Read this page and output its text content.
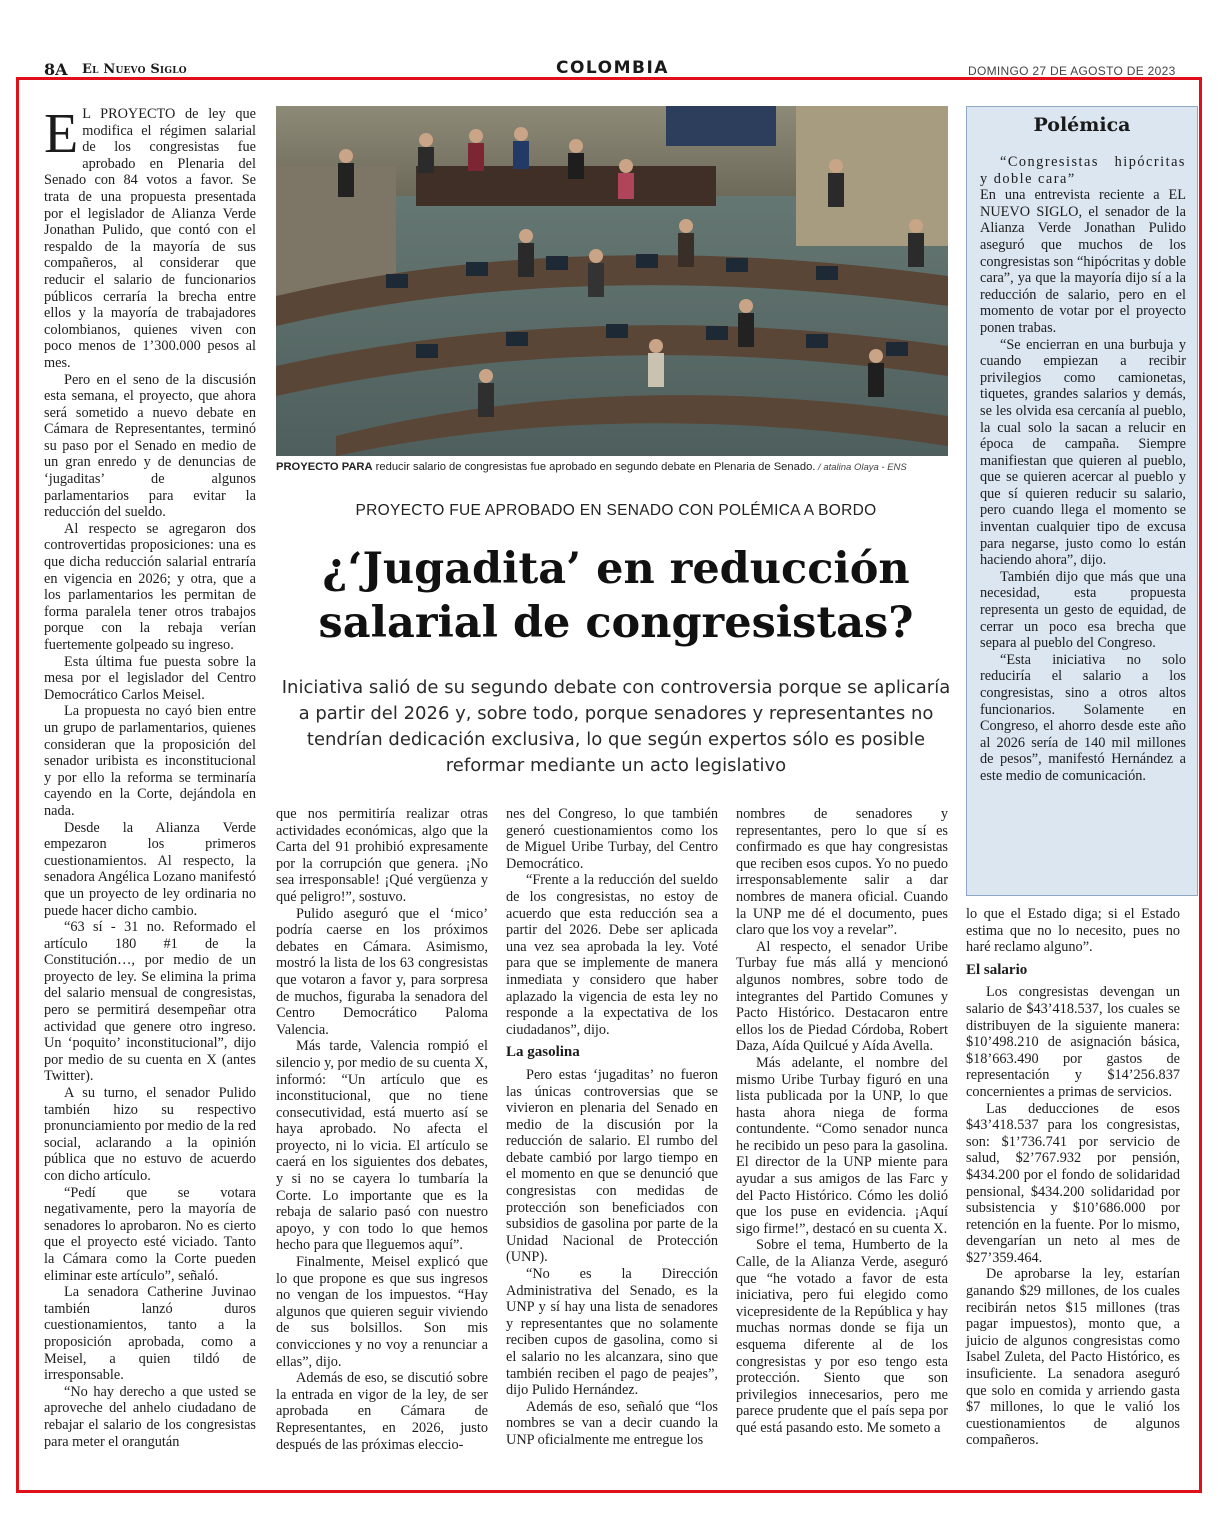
8A El Nuevo Siglo	COLOMBIA	DOMINGO 27 DE AGOSTO DE 2023

E L PROYECTO de ley que modifica el régimen salarial de los congresistas fue aprobado en Plenaria del Senado con 84 votos a favor. Se trata de una propuesta presentada por el legislador de Alianza Verde Jonathan Pulido, que contó con el respaldo de la mayoría de sus compañeros, al considerar que reducir el salario de funcionarios públicos cerraría la brecha entre ellos y la mayoría de trabajadores colombianos, quienes viven con poco menos de 1’300.000 pesos al mes.

Pero en el seno de la discusión esta semana, el proyecto, que ahora será sometido a nuevo debate en Cámara de Representantes, terminó su paso por el Senado en medio de un gran enredo y de denuncias de ‘jugaditas’ de algunos parlamentarios para evitar la reducción del sueldo.

Al respecto se agregaron dos controvertidas proposiciones: una es que dicha reducción salarial entraría en vigencia en 2026; y otra, que a los parlamentarios les permitan de forma paralela tener otros trabajos porque con la rebaja verían fuertemente golpeado su ingreso.

Esta última fue puesta sobre la mesa por el legislador del Centro Democrático Carlos Meisel.

La propuesta no cayó bien entre un grupo de parlamentarios, quienes consideran que la proposición del senador uribista es inconstitucional y por ello la reforma se terminaría cayendo en la Corte, dejándola en nada.

Desde la Alianza Verde empezaron los primeros cuestionamientos. Al respecto, la senadora Angélica Lozano manifestó que un proyecto de ley ordinaria no puede hacer dicho cambio.

“63 sí - 31 no. Reformado el artículo 180 #1 de la Constitución…, por medio de un proyecto de ley. Se elimina la prima del salario mensual de congresistas, pero se permitirá desempeñar otra actividad que genere otro ingreso. Un ‘poquito’ inconstitucional”, dijo por medio de su cuenta en X (antes Twitter).

A su turno, el senador Pulido también hizo su respectivo pronunciamiento por medio de la red social, aclarando a la opinión pública que no estuvo de acuerdo con dicho artículo.

“Pedí que se votara negativamente, pero la mayoría de senadores lo aprobaron. No es cierto que el proyecto esté viciado. Tanto la Cámara como la Corte pueden eliminar este artículo”, señaló.

La senadora Catherine Juvinao también lanzó duros cuestionamientos, tanto a la proposición aprobada, como a Meisel, a quien tildó de irresponsable.

“No hay derecho a que usted se aproveche del anhelo ciudadano de rebajar el salario de los congresistas para meter el orangután

PROYECTO PARA reducir salario de congresistas fue aprobado en segundo debate en Plenaria de Senado. / atalina Olaya - ENS
PROYECTO FUE APROBADO EN SENADO CON POLÉMICA A BORDO
¿‘Jugadita’ en reducción
salarial de congresistas?
Iniciativa salió de su segundo debate con controversia porque se aplicaría
a partir del 2026 y, sobre todo, porque senadores y representantes no
tendrían dedicación exclusiva, lo que según expertos sólo es posible
reformar mediante un acto legislativo

que nos permitiría realizar otras actividades económicas, algo que la Carta del 91 prohibió expresamente por la corrupción que genera. ¡No sea irresponsable! ¡Qué vergüenza y qué peligro!”, sostuvo.

Pulido aseguró que el ‘mico’ podría caerse en los próximos debates en Cámara. Asimismo, mostró la lista de los 63 congresistas que votaron a favor y, para sorpresa de muchos, figuraba la senadora del Centro Democrático Paloma Valencia.

Más tarde, Valencia rompió el silencio y, por medio de su cuenta X, informó: “Un artículo que es inconstitucional, que no tiene consecutividad, está muerto así se haya aprobado. No afecta el proyecto, ni lo vicia. El artículo se caerá en los siguientes dos debates, y si no se cayera lo tumbaría la Corte. Lo importante que es la rebaja de salario pasó con nuestro apoyo, y con todo lo que hemos hecho para que lleguemos aquí”.

Finalmente, Meisel explicó que lo que propone es que sus ingresos no vengan de los impuestos. “Hay algunos que quieren seguir viviendo de sus bolsillos. Son mis convicciones y no voy a renunciar a ellas”, dijo.

Además de eso, se discutió sobre la entrada en vigor de la ley, de ser aprobada en Cámara de Representantes, en 2026, justo después de las próximas eleccio-

nes del Congreso, lo que también generó cuestionamientos como los de Miguel Uribe Turbay, del Centro Democrático.

“Frente a la reducción del sueldo de los congresistas, no estoy de acuerdo que esta reducción sea a partir del 2026. Debe ser aplicada una vez sea aprobada la ley. Voté para que se implemente de manera inmediata y considero que haber aplazado la vigencia de esta ley no responde a la expectativa de los ciudadanos”, dijo.

La gasolina

Pero estas ‘jugaditas’ no fueron las únicas controversias que se vivieron en plenaria del Senado en medio de la discusión por la reducción de salario. El rumbo del debate cambió por largo tiempo en el momento en que se denunció que congresistas con medidas de protección son beneficiados con subsidios de gasolina por parte de la Unidad Nacional de Protección (UNP).

“No es la Dirección Administrativa del Senado, es la UNP y sí hay una lista de senadores y representantes que no solamente reciben cupos de gasolina, como si el salario no les alcanzara, sino que también reciben el pago de peajes”, dijo Pulido Hernández.

Además de eso, señaló que “los nombres se van a decir cuando la UNP oficialmente me entregue los

nombres de senadores y representantes, pero lo que sí es confirmado es que hay congresistas que reciben esos cupos. Yo no puedo irresponsablemente salir a dar nombres de manera oficial. Cuando la UNP me dé el documento, pues claro que los voy a revelar”.

Al respecto, el senador Uribe Turbay fue más allá y mencionó algunos nombres, sobre todo de integrantes del Partido Comunes y Pacto Histórico. Destacaron entre ellos los de Piedad Córdoba, Robert Daza, Aída Quilcué y Aída Avella.

Más adelante, el nombre del mismo Uribe Turbay figuró en una lista publicada por la UNP, lo que hasta ahora niega de forma contundente. “Como senador nunca he recibido un peso para la gasolina. El director de la UNP miente para ayudar a sus amigos de las Farc y del Pacto Histórico. Cómo les dolió que los puse en evidencia. ¡Aquí sigo firme!”, destacó en su cuenta X.

Sobre el tema, Humberto de la Calle, de la Alianza Verde, aseguró que “he votado a favor de esta iniciativa, pero fui elegido como vicepresidente de la República y hay muchas normas donde se fija un esquema diferente al de los congresistas y por eso tengo esta protección. Siento que son privilegios innecesarios, pero me parece prudente que el país sepa por qué está pasando esto. Me someto a

Polémica

“Congresistas hipócritas y doble cara”

En una entrevista reciente a EL NUEVO SIGLO, el senador de la Alianza Verde Jonathan Pulido aseguró que muchos de los congresistas son “hipócritas y doble cara”, ya que la mayoría dijo sí a la reducción de salario, pero en el momento de votar por el proyecto ponen trabas.

“Se encierran en una burbuja y cuando empiezan a recibir privilegios como camionetas, tiquetes, grandes salarios y demás, se les olvida esa cercanía al pueblo, la cual solo la sacan a relucir en época de campaña. Siempre manifiestan que quieren al pueblo, que se quieren acercar al pueblo y que sí quieren reducir su salario, pero cuando llega el momento se inventan cualquier tipo de excusa para negarse, justo como lo están haciendo ahora”, dijo.

También dijo que más que una necesidad, esta propuesta representa un gesto de equidad, de cerrar un poco esa brecha que separa al pueblo del Congreso.

“Esta iniciativa no solo reduciría el salario a los congresistas, sino a otros altos funcionarios. Solamente en Congreso, el ahorro desde este año al 2026 sería de 140 mil millones de pesos”, manifestó Hernández a este medio de comunicación.

lo que el Estado diga; si el Estado estima que no lo necesito, pues no haré reclamo alguno”.

El salario

Los congresistas devengan un salario de $43’418.537, los cuales se distribuyen de la siguiente manera: $10’498.210 de asignación básica, $18’663.490 por gastos de representación y $14’256.837 concernientes a primas de servicios.

Las deducciones de esos $43’418.537 para los congresistas, son: $1’736.741 por servicio de salud, $2’767.932 por pensión, $434.200 por el fondo de solidaridad pensional, $434.200 solidaridad por subsistencia y $10’686.000 por retención en la fuente. Por lo mismo, devengarían un neto al mes de $27’359.464.

De aprobarse la ley, estarían ganando $29 millones, de los cuales recibirán netos $15 millones (tras pagar impuestos), monto que, a juicio de algunos congresistas como Isabel Zuleta, del Pacto Histórico, es insuficiente. La senadora aseguró que solo en comida y arriendo gasta $7 millones, lo que le valió los cuestionamientos de algunos compañeros.
